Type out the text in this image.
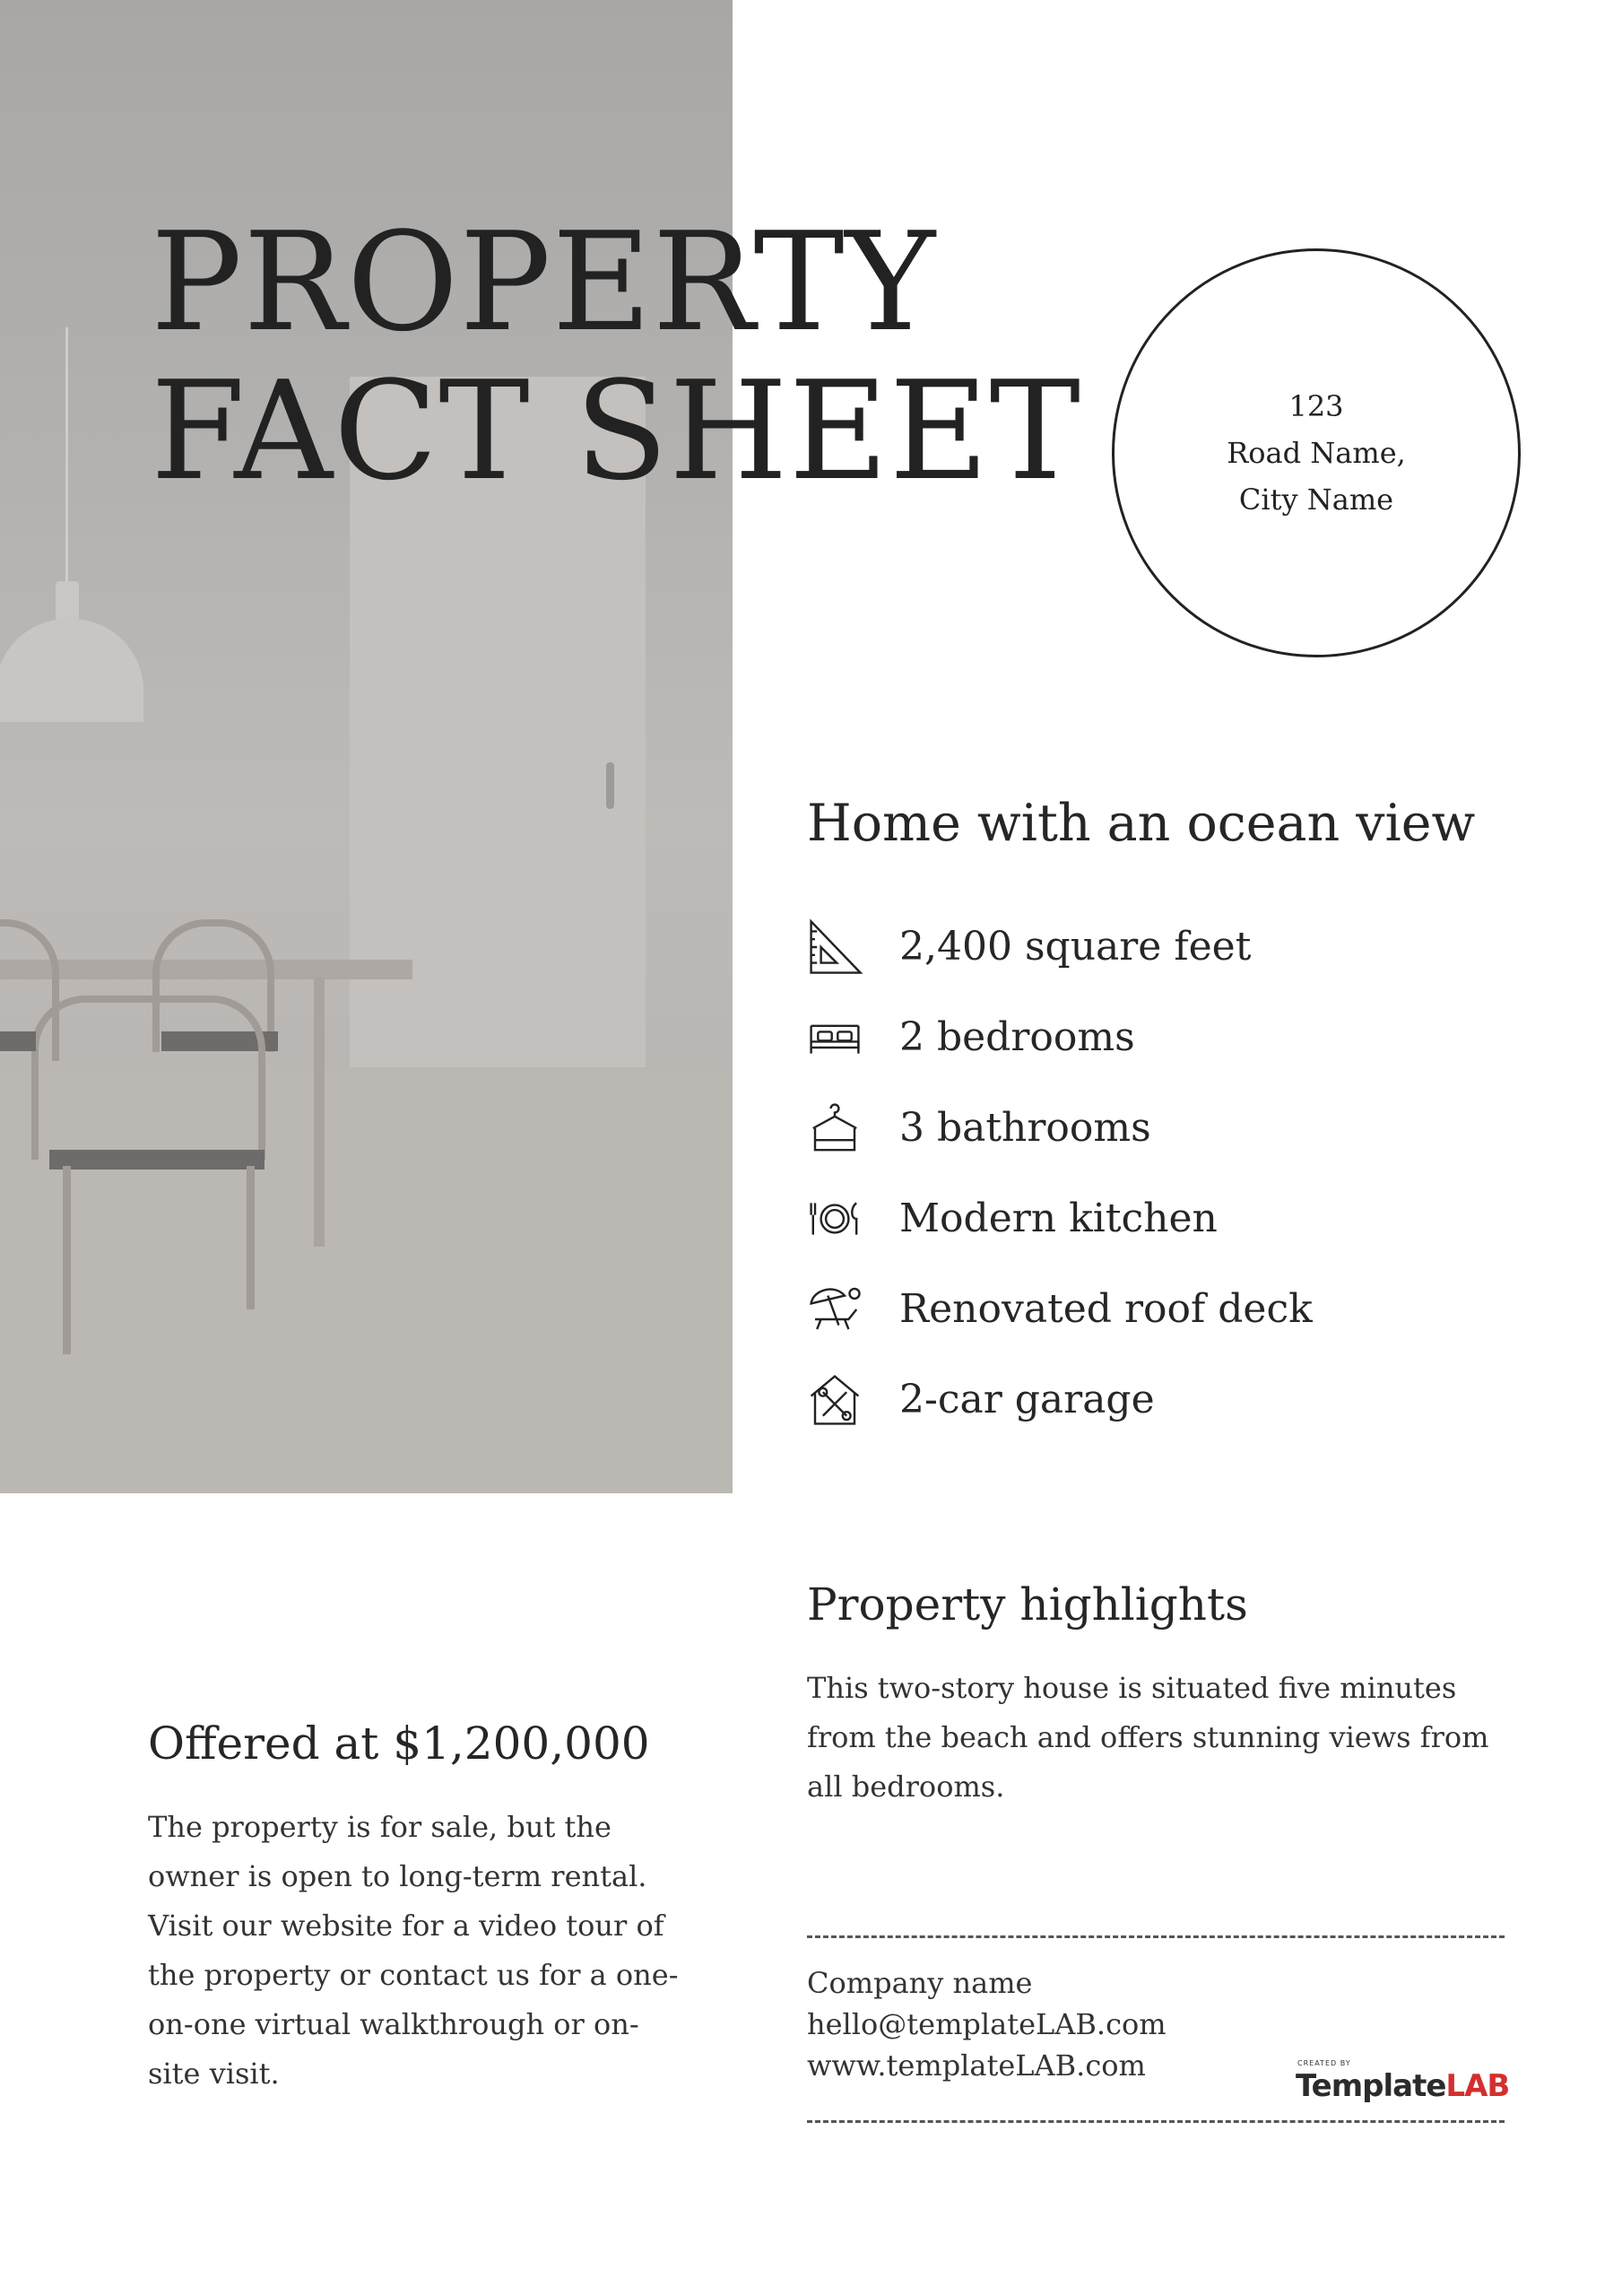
PROPERTY
FACT SHEET	123
Road Name,
City Name
Home with an ocean view
2,400 square feet
2 bedrooms
3 bathrooms
Modern kitchen
Renovated roof deck
2-car garage
Property highlights

This two-story house is situated five minutes from the beach and offers stunning views from all bedrooms.

Offered at $1,200,000

The property is for sale, but the owner is open to long-term rental. Visit our website for a video tour of the property or contact us for a one-on-one virtual walkthrough or on-site visit.

Company name
hello@templateLAB.com
www.templateLAB.com	CREATED BY
TemplateLAB
